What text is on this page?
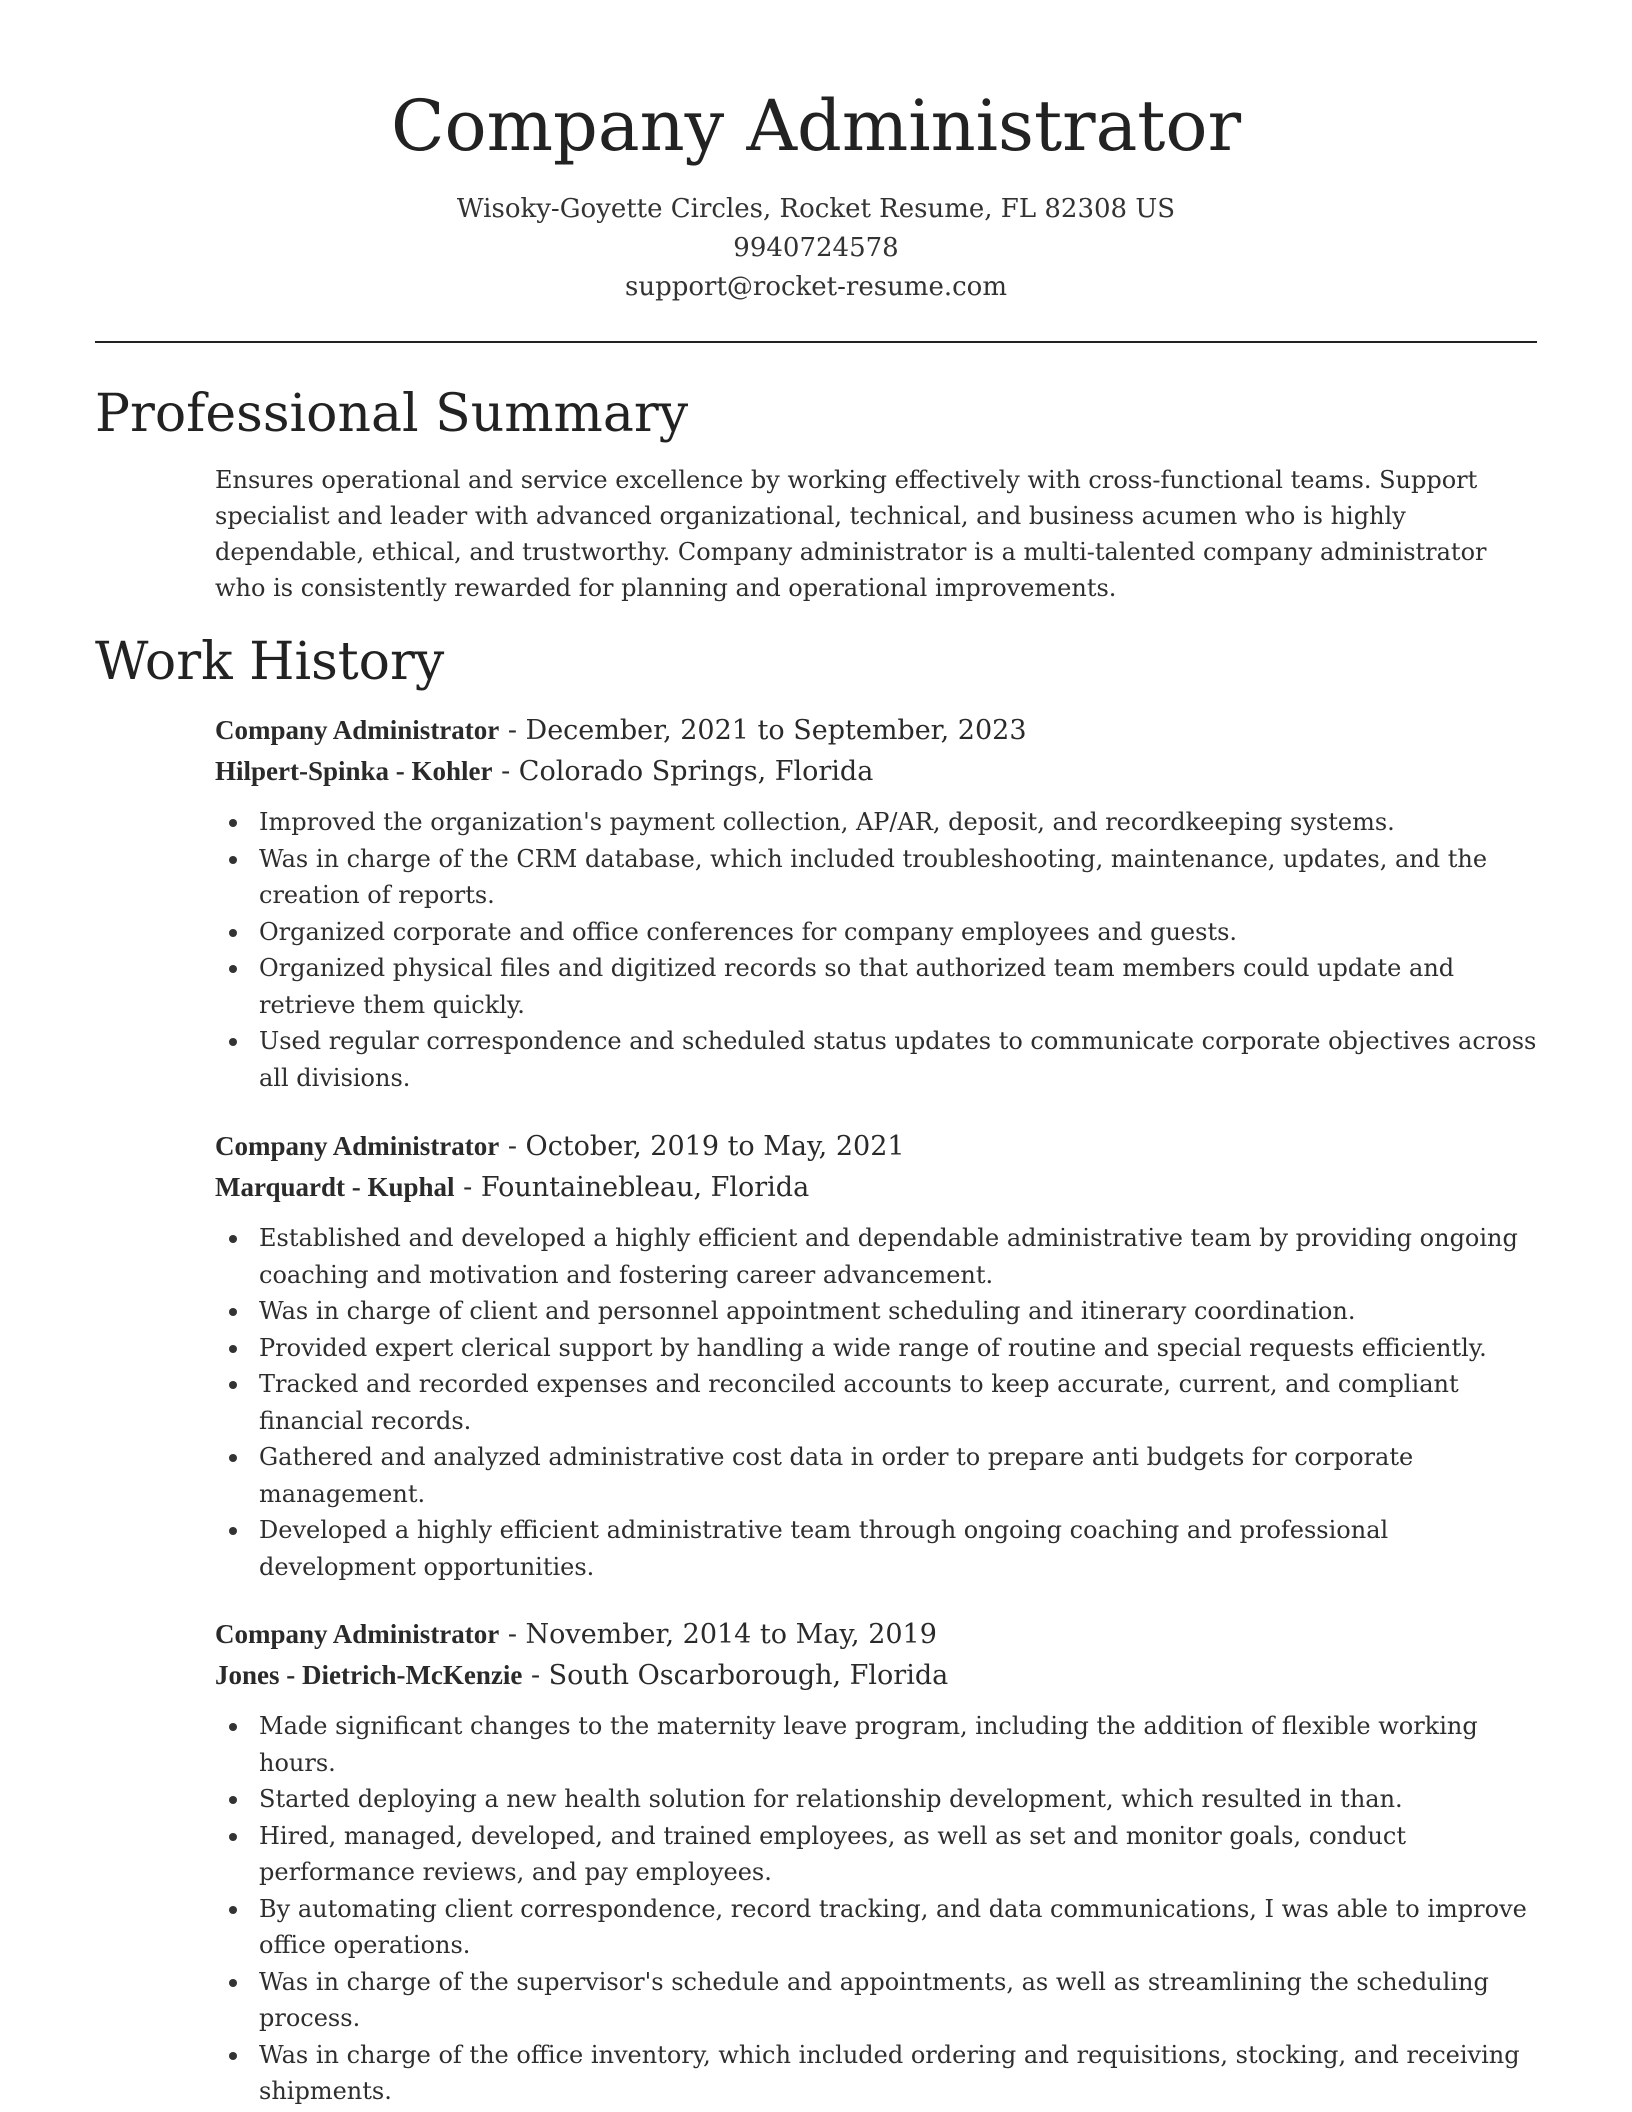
Company Administrator
Wisoky-Goyette Circles, Rocket Resume, FL 82308 US
9940724578
support@rocket-resume.com
Professional Summary

Ensures operational and service excellence by working effectively with cross-functional teams. Support specialist and leader with advanced organizational, technical, and business acumen who is highly dependable, ethical, and trustworthy. Company administrator is a multi-talented company administrator who is consistently rewarded for planning and operational improvements.

Work History
Company Administrator - December, 2021 to September, 2023
Hilpert-Spinka - Kohler - Colorado Springs, Florida
Improved the organization's payment collection, AP/AR, deposit, and recordkeeping systems.
Was in charge of the CRM database, which included troubleshooting, maintenance, updates, and the creation of reports.
Organized corporate and office conferences for company employees and guests.
Organized physical files and digitized records so that authorized team members could update and retrieve them quickly.
Used regular correspondence and scheduled status updates to communicate corporate objectives across all divisions.
Company Administrator - October, 2019 to May, 2021
Marquardt - Kuphal - Fountainebleau, Florida
Established and developed a highly efficient and dependable administrative team by providing ongoing coaching and motivation and fostering career advancement.
Was in charge of client and personnel appointment scheduling and itinerary coordination.
Provided expert clerical support by handling a wide range of routine and special requests efficiently.
Tracked and recorded expenses and reconciled accounts to keep accurate, current, and compliant financial records.
Gathered and analyzed administrative cost data in order to prepare anti budgets for corporate management.
Developed a highly efficient administrative team through ongoing coaching and professional development opportunities.
Company Administrator - November, 2014 to May, 2019
Jones - Dietrich-McKenzie - South Oscarborough, Florida
Made significant changes to the maternity leave program, including the addition of flexible working hours.
Started deploying a new health solution for relationship development, which resulted in than.
Hired, managed, developed, and trained employees, as well as set and monitor goals, conduct performance reviews, and pay employees.
By automating client correspondence, record tracking, and data communications, I was able to improve office operations.
Was in charge of the supervisor's schedule and appointments, as well as streamlining the scheduling process.
Was in charge of the office inventory, which included ordering and requisitions, stocking, and receiving shipments.
